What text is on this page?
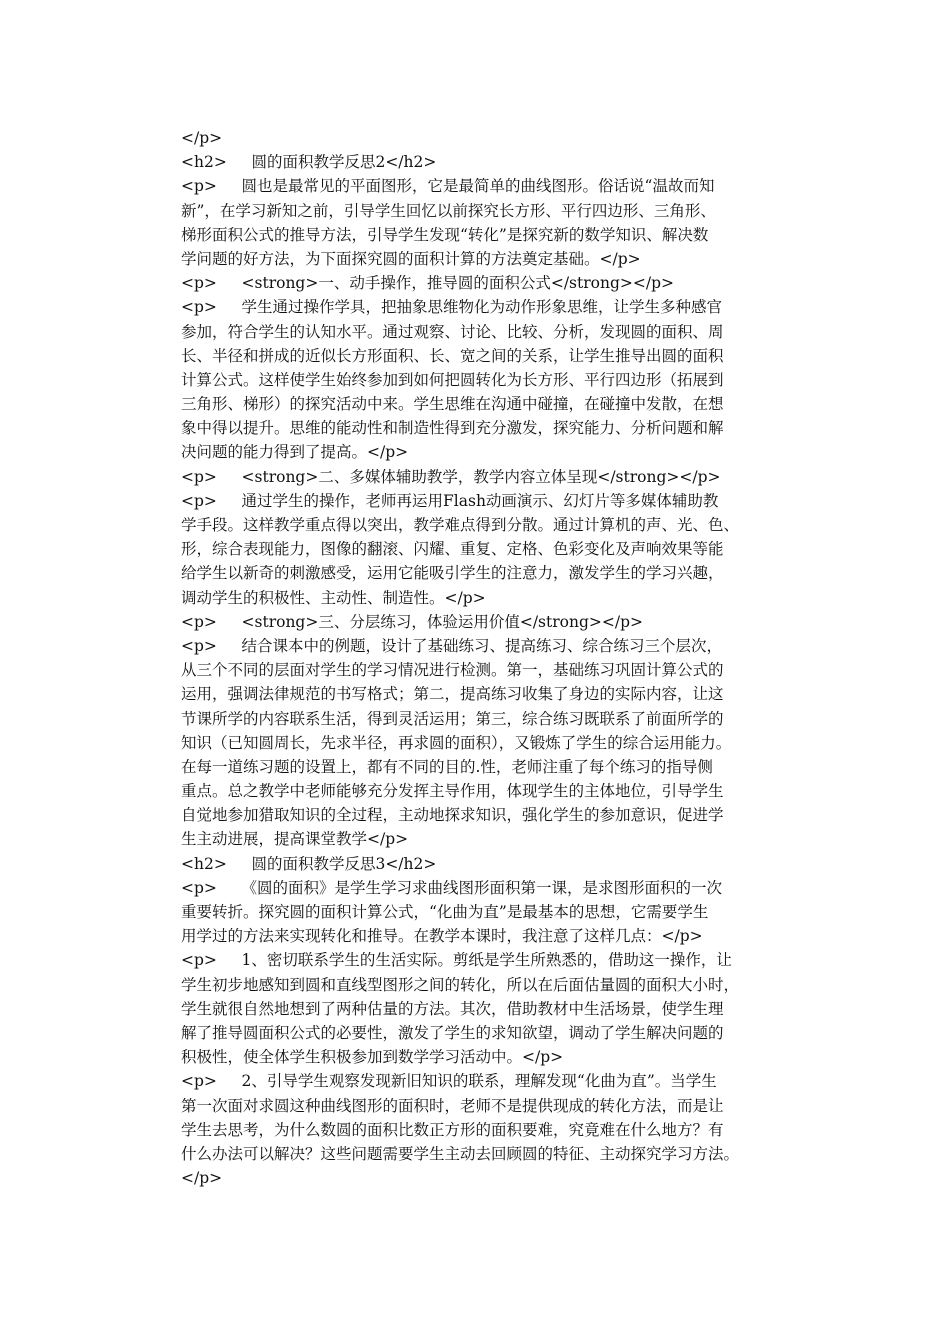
</p>
<h2>     圆的面积教学反思2</h2>
<p>     圆也是最常见的平面图形，它是最简单的曲线图形。俗话说“温故而知
新”，在学习新知之前，引导学生回忆以前探究长方形、平行四边形、三角形、
梯形面积公式的推导方法，引导学生发现“转化”是探究新的数学知识、解决数
学问题的好方法，为下面探究圆的面积计算的方法奠定基础。</p>
<p>     <strong>一、动手操作，推导圆的面积公式</strong></p>
<p>     学生通过操作学具，把抽象思维物化为动作形象思维，让学生多种感官
参加，符合学生的认知水平。通过观察、讨论、比较、分析，发现圆的面积、周
长、半径和拼成的近似长方形面积、长、宽之间的关系，让学生推导出圆的面积
计算公式。这样使学生始终参加到如何把圆转化为长方形、平行四边形（拓展到
三角形、梯形）的探究活动中来。学生思维在沟通中碰撞，在碰撞中发散，在想
象中得以提升。思维的能动性和制造性得到充分激发，探究能力、分析问题和解
决问题的能力得到了提高。</p>
<p>     <strong>二、多媒体辅助教学，教学内容立体呈现</strong></p>
<p>     通过学生的操作，老师再运用Flash动画演示、幻灯片等多媒体辅助教
学手段。这样教学重点得以突出，教学难点得到分散。通过计算机的声、光、色、
形，综合表现能力，图像的翻滚、闪耀、重复、定格、色彩变化及声响效果等能
给学生以新奇的刺激感受，运用它能吸引学生的注意力，激发学生的学习兴趣，
调动学生的积极性、主动性、制造性。</p>
<p>     <strong>三、分层练习，体验运用价值</strong></p>
<p>     结合课本中的例题，设计了基础练习、提高练习、综合练习三个层次，
从三个不同的层面对学生的学习情况进行检测。第一，基础练习巩固计算公式的
运用，强调法律规范的书写格式；第二，提高练习收集了身边的实际内容，让这
节课所学的内容联系生活，得到灵活运用；第三，综合练习既联系了前面所学的
知识（已知圆周长，先求半径，再求圆的面积），又锻炼了学生的综合运用能力。
在每一道练习题的设置上，都有不同的目的.性，老师注重了每个练习的指导侧
重点。总之教学中老师能够充分发挥主导作用，体现学生的主体地位，引导学生
自觉地参加猎取知识的全过程，主动地探求知识，强化学生的参加意识，促进学
生主动进展，提高课堂教学</p>
<h2>     圆的面积教学反思3</h2>
<p>     《圆的面积》是学生学习求曲线图形面积第一课，是求图形面积的一次
重要转折。探究圆的面积计算公式，“化曲为直”是最基本的思想，它需要学生
用学过的方法来实现转化和推导。在教学本课时，我注意了这样几点：</p>
<p>     1、密切联系学生的生活实际。剪纸是学生所熟悉的，借助这一操作，让
学生初步地感知到圆和直线型图形之间的转化，所以在后面估量圆的面积大小时，
学生就很自然地想到了两种估量的方法。其次，借助教材中生活场景，使学生理
解了推导圆面积公式的必要性，激发了学生的求知欲望，调动了学生解决问题的
积极性，使全体学生积极参加到数学学习活动中。</p>
<p>     2、引导学生观察发现新旧知识的联系，理解发现“化曲为直”。当学生
第一次面对求圆这种曲线图形的面积时，老师不是提供现成的转化方法，而是让
学生去思考，为什么数圆的面积比数正方形的面积要难，究竟难在什么地方？有
什么办法可以解决？这些问题需要学生主动去回顾圆的特征、主动探究学习方法。
</p>
